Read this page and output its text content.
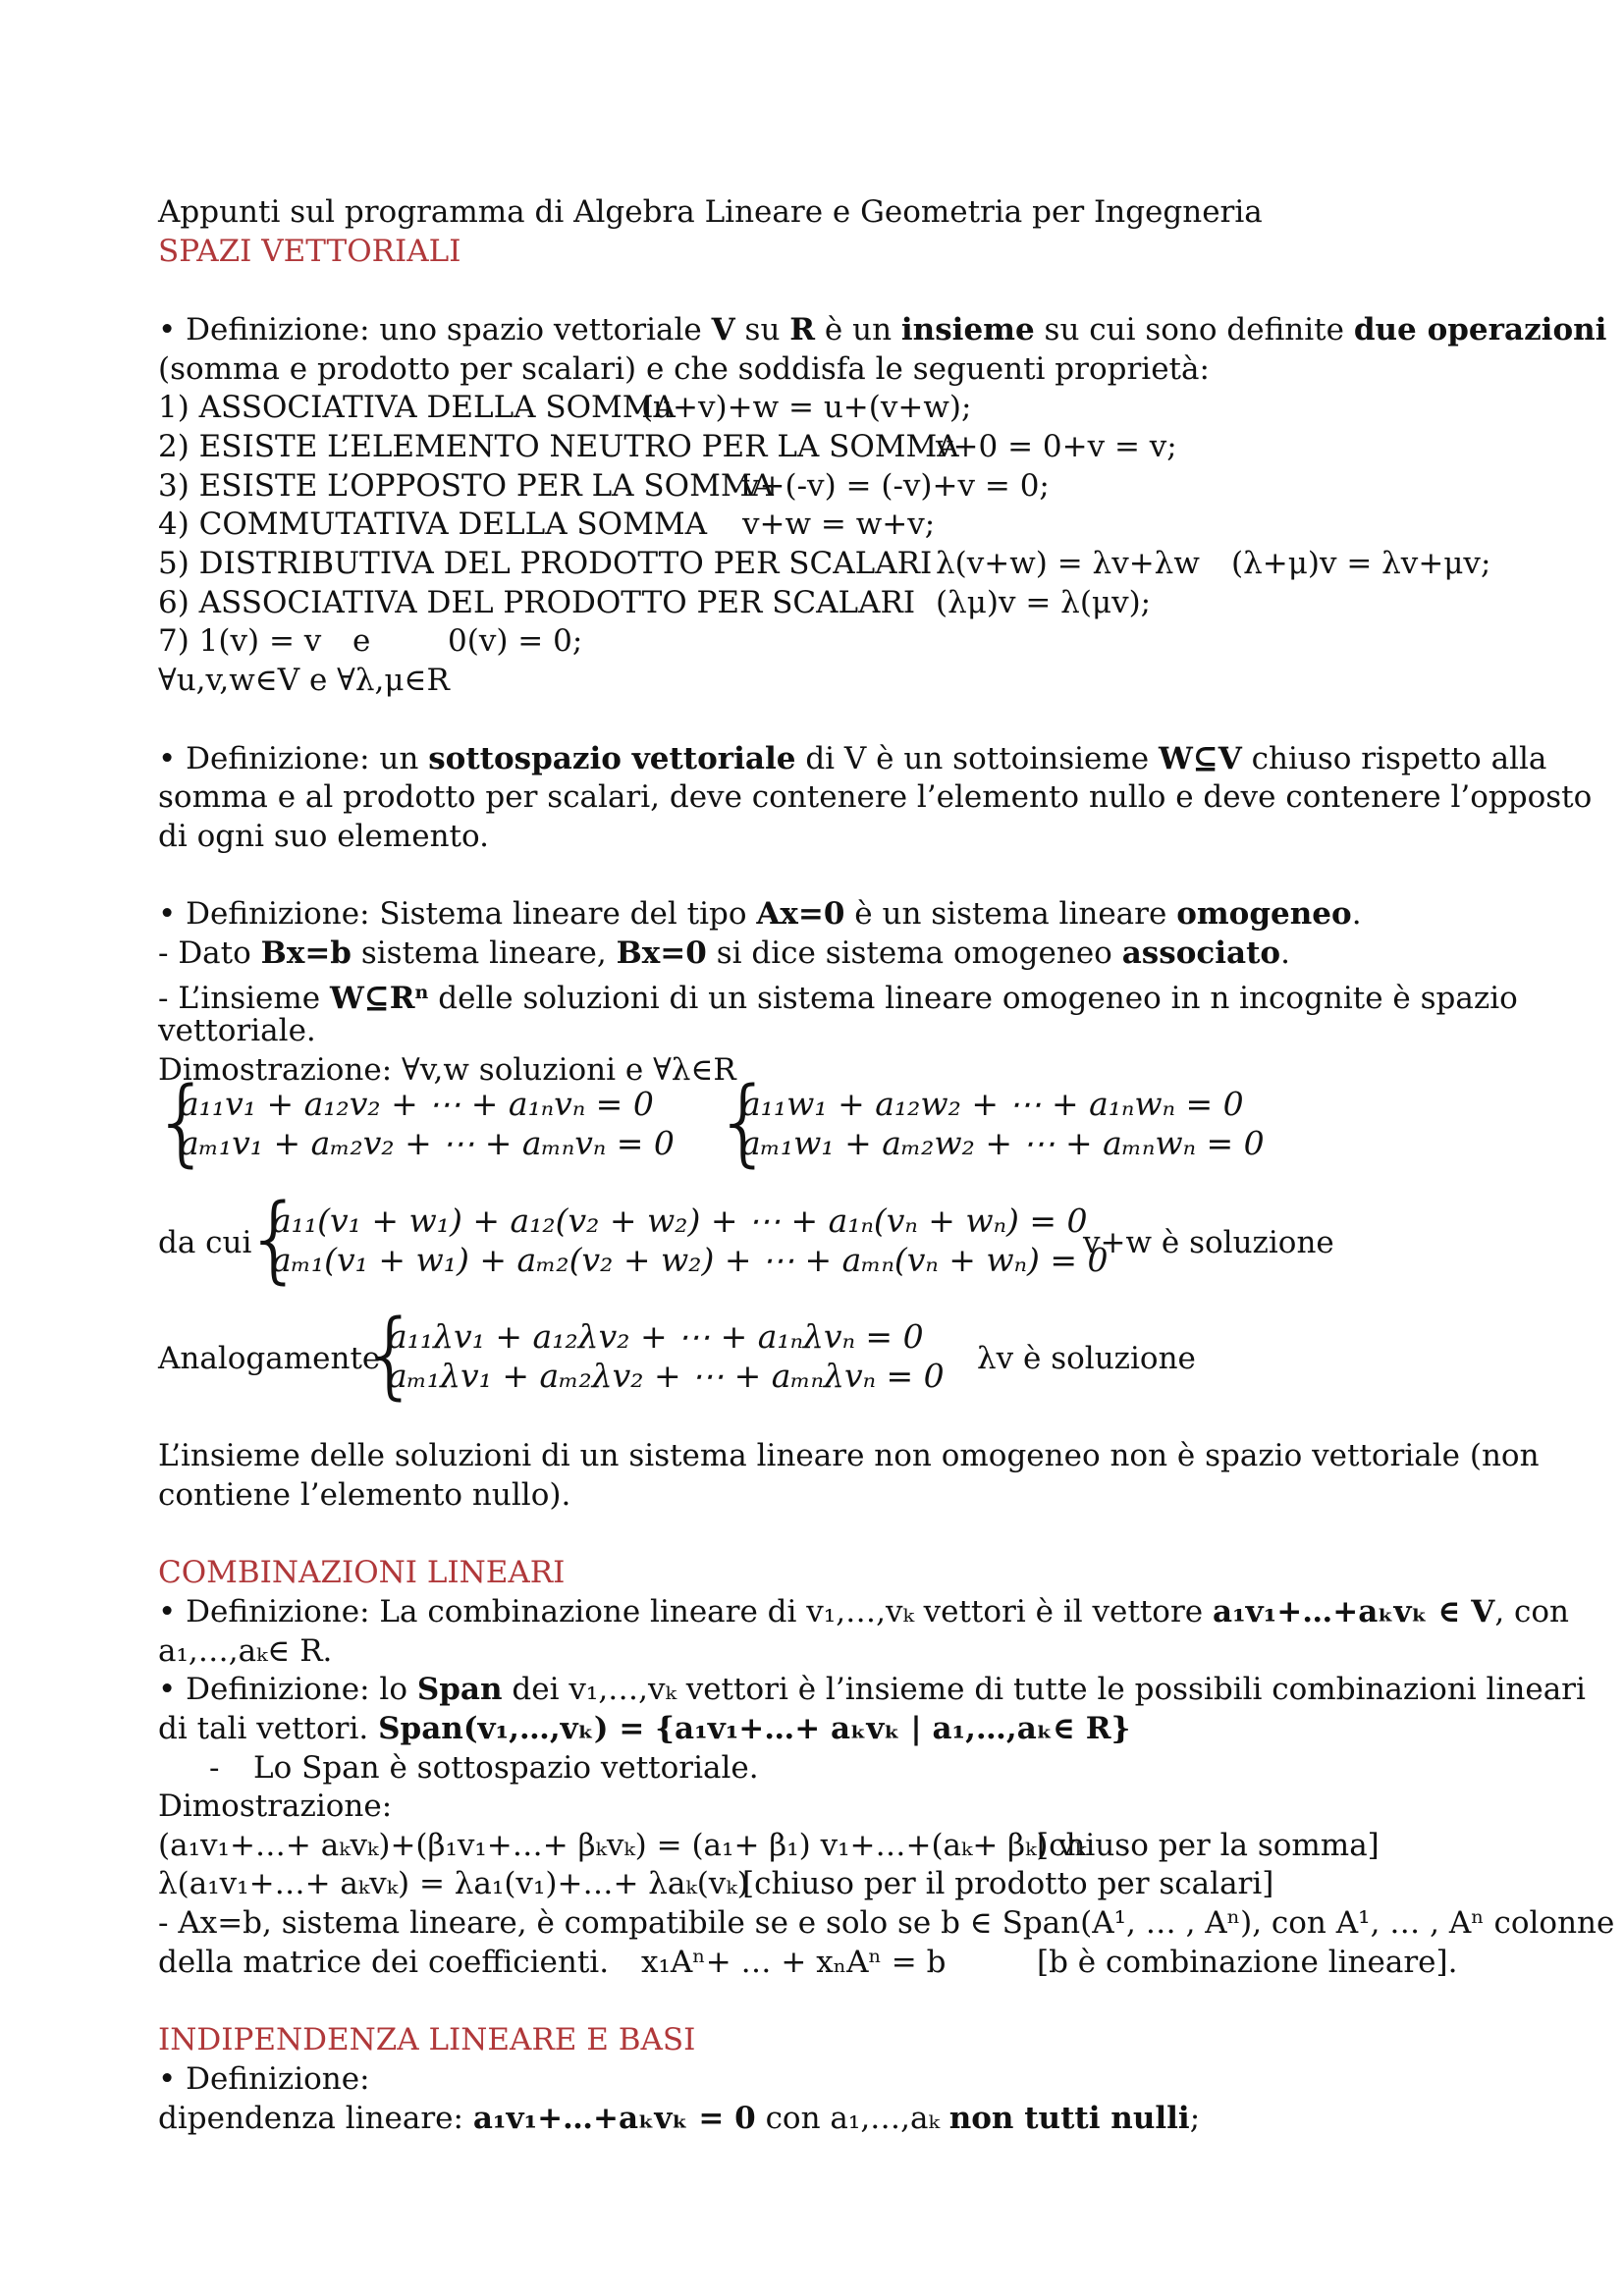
Appunti sul programma di Algebra Lineare e Geometria per Ingegneria
SPAZI VETTORIALI
• Definizione: uno spazio vettoriale V su R è un insieme su cui sono definite due operazioni
(somma e prodotto per scalari) e che soddisfa le seguenti proprietà:
1) ASSOCIATIVA DELLA SOMMA
(u+v)+w = u+(v+w);
2) ESISTE L’ELEMENTO NEUTRO PER LA SOMMA
v+0 = 0+v = v;
3) ESISTE L’OPPOSTO PER LA SOMMA
v+(-v) = (-v)+v = 0;
4) COMMUTATIVA DELLA SOMMA v+w = w+v;
5) DISTRIBUTIVA DEL PRODOTTO PER SCALARI λ(v+w) = λv+λw (λ+μ)v = λv+μv;
6) ASSOCIATIVA DEL PRODOTTO PER SCALARI (λμ)v = λ(μv);
7) 1(v) = v e	0(v) = 0;
∀u,v,w∈V e ∀λ,μ∈R
• Definizione: un sottospazio vettoriale di V è un sottoinsieme W⊆V chiuso rispetto alla
somma e al prodotto per scalari, deve contenere l’elemento nullo e deve contenere l’opposto
di ogni suo elemento.
• Definizione: Sistema lineare del tipo Ax=0 è un sistema lineare omogeneo.
- Dato Bx=b sistema lineare, Bx=0 si dice sistema omogeneo associato.
- L’insieme $W⊆R^n$ delle soluzioni di un sistema lineare omogeneo in n incognite è spazio
vettoriale.
Dimostrazione: ∀v,w soluzioni e ∀λ∈R
{
a₁₁v₁ + a₁₂v₂ + ⋯ + a₁ₙvₙ = 0
aₘ₁v₁ + aₘ₂v₂ + ⋯ + aₘₙvₙ = 0 {
a₁₁w₁ + a₁₂w₂ + ⋯ + a₁ₙwₙ = 0
aₘ₁w₁ + aₘ₂w₂ + ⋯ + aₘₙwₙ = 0
da cui
{
a₁₁(v₁ + w₁) + a₁₂(v₂ + w₂) + ⋯ + a₁ₙ(vₙ + wₙ) = 0
aₘ₁(v₁ + w₁) + aₘ₂(v₂ + w₂) + ⋯ + aₘₙ(vₙ + wₙ) = 0
v+w è soluzione
Analogamente
{
a₁₁λv₁ + a₁₂λv₂ + ⋯ + a₁ₙλvₙ = 0
aₘ₁λv₁ + aₘ₂λv₂ + ⋯ + aₘₙλvₙ = 0 λv è soluzione
L’insieme delle soluzioni di un sistema lineare non omogeneo non è spazio vettoriale (non
contiene l’elemento nullo).
COMBINAZIONI LINEARI
• Definizione: La combinazione lineare di v₁,…,vₖ vettori è il vettore a₁v₁+…+aₖvₖ ∈ V, con
a₁,…,aₖ∈ R.
• Definizione: lo Span dei v₁,…,vₖ vettori è l’insieme di tutte le possibili combinazioni lineari
di tali vettori. Span(v₁,…,vₖ) = {a₁v₁+…+ aₖvₖ | a₁,…,aₖ∈ R}
- Lo Span è sottospazio vettoriale.
Dimostrazione:
(a₁v₁+…+ aₖvₖ)+(β₁v₁+…+ βₖvₖ) = (a₁+ β₁) v₁+…+(aₖ+ βₖ) vₖ
[chiuso per la somma]
λ(a₁v₁+…+ aₖvₖ) = λa₁(v₁)+…+ λaₖ(vₖ)
[chiuso per il prodotto per scalari]
- Ax=b, sistema lineare, è compatibile se e solo se b ∈ Span(A¹, … , Aⁿ), con A¹, … , Aⁿ colonne
della matrice dei coefficienti. x₁Aⁿ+ … + xₙAⁿ = b	[b è combinazione lineare].
INDIPENDENZA LINEARE E BASI
• Definizione:
dipendenza lineare: a₁v₁+…+aₖvₖ = 0 con a₁,…,aₖ non tutti nulli;
